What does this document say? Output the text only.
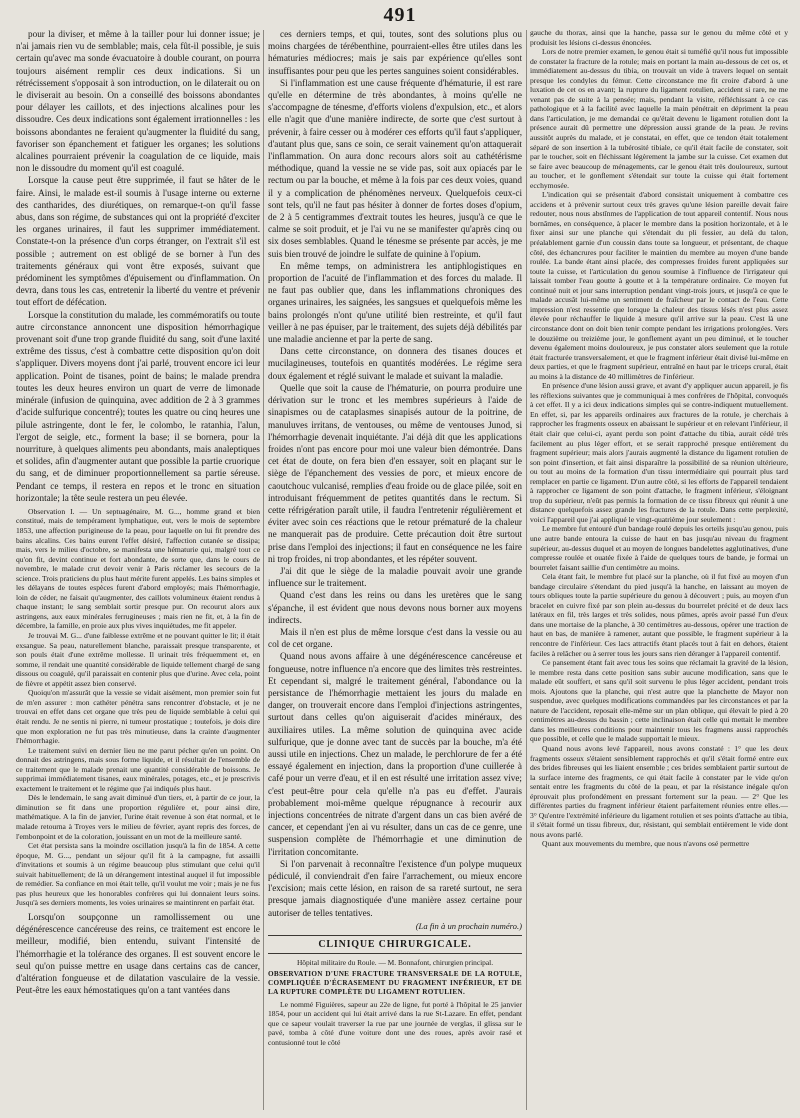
491

pour la diviser, et même à la tailler pour lui donner issue; je n'ai jamais rien vu de semblable; mais, cela fût-il possible, je suis certain qu'avec ma sonde évacuatoire à double courant, on pourra toujours aisément remplir ces deux indications. Si un rétrécissement s'opposait à son introduction, on le dilaterait ou on le diviserait au besoin. On a conseillé des boissons abondantes pour délayer les caillots, et des injections alcalines pour les dissoudre. Ces deux indications sont également irrationnelles : les boissons abondantes ne feraient qu'augmenter la fluidité du sang, favoriser son épanchement et fatiguer les organes; les solutions alcalines pourraient prévenir la coagulation de ce liquide, mais non le dissoudre du moment qu'il est coagulé.

Lorsque la cause peut être supprimée, il faut se hâter de le faire. Ainsi, le malade est-il soumis à l'usage interne ou externe des cantharides, des diurétiques, on remarque-t-on qu'il fasse abus, dans son régime, de substances qui ont la propriété d'exciter les organes urinaires, il faut les supprimer immédiatement. Constate-t-on la présence d'un corps étranger, on l'extrait s'il est possible ; autrement on est obligé de se borner à l'un des traitements généraux qui vont être exposés, suivant que prédominent les symptômes d'épuisement ou d'inflammation. On devra, dans tous les cas, entretenir la liberté du ventre et prévenir tout effort de défécation.

Lorsque la constitution du malade, les commémoratifs ou toute autre circonstance annoncent une disposition hémorrhagique provenant soit d'une trop grande fluidité du sang, soit d'une laxité extrême des tissus, c'est à combattre cette disposition qu'on doit s'appliquer. Divers moyens dont j'ai parlé, trouvent encore ici leur application. Point de tisanes, point de bains; le malade prendra toutes les deux heures environ un quart de verre de limonade minérale (infusion de quinquina, avec addition de 2 à 3 grammes d'acide sulfurique concentré); toutes les quatre ou cinq heures une pilule astringente, dont le fer, le colombo, le ratanhia, l'alun, l'ergot de seigle, etc., forment la base; il se bornera, pour la nourriture, à quelques aliments peu abondants, mais analeptiques et solides, afin d'augmenter autant que possible la partie cruorique du sang, et de diminuer proportionnellement sa partie séreuse. Pendant ce temps, il restera en repos et le tronc en situation horizontale; la tête seule restera un peu élevée.

Observation I. — Un septuagénaire, M. G..., homme grand et bien constitué, mais de tempérament lymphatique, eut, vers le mois de septembre 1853, une affection purigineuse de la peau, pour laquelle on lui fit prendre des bains alcalins. Ces bains eurent l'effet désiré, l'affection cutanée se dissipa; mais, vers le milieu d'octobre, se manifesta une hématurie qui, malgré tout ce qu'on fit, devint continue et fort abondante, de sorte que, dans le cours de novembre, le malade crut devoir venir à Paris réclamer les secours de la science. Trois praticiens du plus haut mérite furent appelés. Les bains simples et les délayans de toutes espèces furent d'abord employés; mais l'hémorrhagie, loin de céder, ne faisait qu'augmenter, des caillots volumineux étaient rendus à chaque instant; le sang semblait sortir presque pur. On recourut alors aux astringens, aux eaux minérales ferrugineuses ; mais rien ne fit, et, à la fin de décembre, la famille, en proie aux plus vives inquiétudes, me fit appeler.

Je trouvai M. G... d'une faiblesse extrême et ne pouvant quitter le lit; il était exsangue. Sa peau, naturellement blanche, paraissait presque transparente, et son pouls était d'une extrême mollesse. Il urinait très fréquemment et, en somme, il rendait une quantité considérable de liquide tellement chargé de sang dissous ou coagulé, qu'il paraissait en contenir plus que d'urine. Avec cela, point de fièvre et appétit assez bien conservé.

Quoiqu'on m'assurât que la vessie se vidait aisément, mon premier soin fut de m'en assurer : mon cathéter pénétra sans rencontrer d'obstacle, et je ne trouvai en effet dans cet organe que très peu de liquide semblable à celui qui était rendu. Je ne sentis ni pierre, ni tumeur prostatique ; toutefois, je dois dire que mon exploration ne fut pas très minutieuse, dans la crainte d'augmenter l'hémorrhagie.

Le traitement suivi en dernier lieu ne me parut pécher qu'en un point. On donnait des astringens, mais sous forme liquide, et il résultait de l'ensemble de ce traitement que le malade prenait une quantité considérable de boissons. Je supprimai immédiatement tisanes, eaux minérales, potages, etc., et je prescrivis exactement le traitement et le régime que j'ai indiqués plus haut.

Dès le lendemain, le sang avait diminué d'un tiers, et, à partir de ce jour, la diminution se fit dans une proportion régulière et, pour ainsi dire, mathématique. A la fin de janvier, l'urine était revenue à son état normal, et le malade retourna à Troyes vers le milieu de février, ayant repris des forces, de l'embonpoint et de la coloration, jouissant en un mot de la meilleure santé.

Cet état persista sans la moindre oscillation jusqu'à la fin de 1854. A cette époque, M. G..., pendant un séjour qu'il fit à la campagne, fut assailli d'invitations et soumis à un régime beaucoup plus stimulant que celui qu'il suivait habituellement; de là un dérangement intestinal auquel il fut impossible de remédier. Sa confiance en moi était telle, qu'il voulut me voir ; mais je ne fus pas plus heureux que les honorables confrères qui lui donnaient leurs soins. Jusqu'à ses derniers moments, les voies urinaires se maintinrent en parfait état.

Lorsqu'on soupçonne un ramollissement ou une dégénérescence cancéreuse des reins, ce traitement est encore le meilleur, modifié, bien entendu, suivant l'intensité de l'hémorrhagie et la tolérance des organes. Il est souvent encore le seul qu'on puisse mettre en usage dans certains cas de cancer, d'altération fongueuse et de dilatation vasculaire de la vessie. Peut-être les eaux hémostatiques qu'on a tant vantées dans

ces derniers temps, et qui, toutes, sont des solutions plus ou moins chargées de térébenthine, pourraient-elles être utiles dans les hématuries médiocres; mais je sais par expérience qu'elles sont insuffisantes pour peu que les pertes sanguines soient considérables.

Si l'inflammation est une cause fréquente d'hématurie, il est rare qu'elle en détermine de très abondantes, à moins qu'elle ne s'accompagne de ténesme, d'efforts violens d'expulsion, etc., et alors elle n'agit que d'une manière indirecte, de sorte que c'est surtout à prévenir, à faire cesser ou à modérer ces efforts qu'il faut s'appliquer, d'autant plus que, sans ce soin, ce serait vainement qu'on attaquerait l'inflammation. On aura donc recours alors soit au cathétérisme méthodique, quand la vessie ne se vide pas, soit aux opiacés par le rectum ou par la bouche, et même à la fois par ces deux voies, quand il y a complication de phénomènes nerveux. Quelquefois ceux-ci sont tels, qu'il ne faut pas hésiter à donner de fortes doses d'opium, de 2 à 5 centigrammes d'extrait toutes les heures, jusqu'à ce que le calme se soit produit, et je l'ai vu ne se manifester qu'après cinq ou six doses semblables. Quand le ténesme se présente par accès, je me suis bien trouvé de joindre le sulfate de quinine à l'opium.

En même temps, on administrera les antiphlogistiques en proportion de l'acuité de l'inflammation et des forces du malade. Il ne faut pas oublier que, dans les inflammations chroniques des organes urinaires, les saignées, les sangsues et quelquefois même les bains prolongés n'ont qu'une utilité bien restreinte, et qu'il faut veiller à ne pas épuiser, par le traitement, des sujets déjà débilités par une maladie ancienne et par la perte de sang.

Dans cette circonstance, on donnera des tisanes douces et mucilagineuses, toutefois en quantités modérées. Le régime sera doux également et réglé suivant le malade et suivant la maladie.

Quelle que soit la cause de l'hématurie, on pourra produire une dérivation sur le tronc et les membres supérieurs à l'aide de sinapismes ou de cataplasmes sinapisés autour de la poitrine, de manuluves irritans, de ventouses, ou même de ventouses Junod, si l'hémorrhagie devenait inquiétante. J'ai déjà dit que les applications froides n'ont pas encore pour moi une valeur bien démontrée. Dans cet état de doute, on fera bien d'en essayer, soit en plaçant sur le siège de l'épanchement des vessies de porc, et mieux encore de caoutchouc vulcanisé, remplies d'eau froide ou de glace pilée, soit en introduisant fréquemment de petites quantités dans le rectum. Si cette réfrigération paraît utile, il faudra l'entretenir régulièrement et éviter avec soin ces réactions que le retour prématuré de la chaleur ne manquerait pas de produire. Cette précaution doit être surtout prise dans l'emploi des injections; il faut en conséquence ne les faire ni trop froides, ni trop abondantes, et les répéter souvent.

J'ai dit que le siège de la maladie pouvait avoir une grande influence sur le traitement.

Quand c'est dans les reins ou dans les uretères que le sang s'épanche, il est évident que nous devons nous borner aux moyens indirects.

Mais il n'en est plus de même lorsque c'est dans la vessie ou au col de cet organe.

Quand nous avons affaire à une dégénérescence cancéreuse et fongueuse, notre influence n'a encore que des limites très restreintes. Et cependant si, malgré le traitement général, l'abondance ou la persistance de l'hémorrhagie mettaient les jours du malade en danger, on trouverait encore dans l'emploi d'injections astringentes, surtout dans celles qu'on aiguiserait d'acides minéraux, des auxiliaires utiles. La même solution de quinquina avec acide sulfurique, que je donne avec tant de succès par la bouche, m'a été aussi utile en injections. Chez un malade, le perchlorure de fer a été essayé également en injection, dans la proportion d'une cuillerée à café pour un verre d'eau, et il en est résulté une irritation assez vive; c'est peut-être pour cela qu'elle n'a pas eu d'effet. J'aurais probablement moi-même quelque répugnance à recourir aux injections concentrées de nitrate d'argent dans un cas bien avéré de cancer, et cependant j'en ai vu résulter, dans un cas de ce genre, une suspension complète de l'hémorrhagie et une diminution de l'irritation concomitante.

Si l'on parvenait à reconnaître l'existence d'un polype muqueux pédiculé, il conviendrait d'en faire l'arrachement, ou mieux encore l'excision; mais cette lésion, en raison de sa rareté surtout, ne sera presque jamais diagnostiquée d'une manière assez certaine pour autoriser de telles tentatives.

(La fin à un prochain numéro.)
CLINIQUE CHIRURGICALE.
Hôpital militaire du Roule. — M. Bonnafont, chirurgien principal.
OBSERVATION D'UNE FRACTURE TRANSVERSALE DE LA ROTULE, COMPLIQUÉE D'ÉCRASEMENT DU FRAGMENT INFÉRIEUR, ET DE LA RUPTURE COMPLÈTE DU LIGAMENT ROTULIEN.

Le nommé Figuières, sapeur au 22e de ligne, fut porté à l'hôpital le 25 janvier 1854, pour un accident qui lui était arrivé dans la rue St-Lazare. En effet, pendant que ce sapeur voulait traverser la rue par une journée de verglas, il glissa sur le pavé, tomba à côté d'une voiture dont une des roues, après avoir rasé et contusionné tout le côté

gauche du thorax, ainsi que la hanche, passa sur le genou du même côté et y produisit les lésions ci-dessus énoncées.

Lors de notre premier examen, le genou était si tuméfié qu'il nous fut impossible de constater la fracture de la rotule; mais en portant la main au-dessous de cet os, et immédiatement au-dessus du tibia, on trouvait un vide à travers lequel on sentait presque les condyles du fémur. Cette circonstance me fit croire d'abord à une luxation de cet os en avant; la rupture du ligament rotulien, accident si rare, ne me venant pas de suite à la pensée; mais, pendant la visite, réfléchissant à ce cas pathologique et à la facilité avec laquelle la main pénétrait en dépriment la peau dans l'articulation, je me demandai ce qu'était devenu le ligament rotulien dont la présence aurait dû permettre une dépression aussi grande de la peau. Je revins aussitôt auprès du malade, et je constatai, en effet, que ce tendon était totalement séparé de son insertion à la tubérosité tibiale, ce qu'il était facile de constater, soit par le toucher, soit en fléchissant légèrement la jambe sur la cuisse. Cet examen dut se faire avec beaucoup de ménagements, car le genou était très douloureux, surtout au toucher, et le gonflement s'étendait sur toute la cuisse qui était fortement ecchymosée.

L'indication qui se présentait d'abord consistait uniquement à combattre ces accidens et à prévenir surtout ceux très graves qu'une lésion pareille devait faire redouter, nous nous abstînmes de l'application de tout appareil contentif. Nous nous bornâmes, en conséquence, à placer le membre dans la position horizontale, et à le fixer ainsi sur une planche qui s'étendait du pli fessier, au delà du talon, préalablement garnie d'un coussin dans toute sa longueur, et présentant, de chaque côté, des échancrures pour faciliter le maintien du membre au moyen d'une bande roulée. La bande étant ainsi placée, des compresses froides furent appliquées sur toute la cuisse, et l'articulation du genou soumise à l'influence de l'irrigateur qui laissait tomber l'eau goutte à goutte et à la température ordinaire. Ce moyen fut continué nuit et jour sans interruption pendant vingt-trois jours, et jusqu'à ce que le malade accusât lui-même un sentiment de fraîcheur par le contact de l'eau. Cette impression n'est ressentie que lorsque la chaleur des tissus lésés n'est plus assez élevée pour réchauffer le liquide à mesure qu'il arrive sur la peau. C'est là une circonstance dont on doit bien tenir compte pendant les irrigations prolongées. Vers le douzième ou treizième jour, le gonflement ayant un peu diminué, et le toucher devenu également moins douloureux, je pus constater alors seulement que la rotule était fracturée transversalement, et que le fragment inférieur était divisé lui-même en deux parties, et que le fragment supérieur, entraîné en haut par le triceps crural, était au moins à la distance de 40 millimètres de l'inférieur.

En présence d'une lésion aussi grave, et avant d'y appliquer aucun appareil, je fis les réflexions suivantes que je communiquai à mes confrères de l'hôpital, convoqués à cet effet. Il y a ici deux indications simples qui se contre-indiquent mutuellement. En effet, si, par les appareils ordinaires aux fractures de la rotule, je cherchais à rapprocher les fragments osseux en abaissant le supérieur et en relevant l'inférieur, il était clair que celui-ci, ayant perdu son point d'attache du tibia, aurait cédé très facilement au plus léger effort, et se serait rapproché presque entièrement du fragment supérieur; mais alors j'aurais augmenté la distance du ligament rotulien de son point d'insertion, et fait ainsi disparaître la possibilité de sa réunion ultérieure, ou tout au moins de la formation d'un tissu intermédiaire qui pourrait plus tard remplacer en partie ce ligament. D'un autre côté, si les efforts de l'appareil tendaient à rapprocher ce ligament de son point d'attache, le fragment inférieur, s'éloignant trop du supérieur, n'eût pas permis la formation de ce tissu fibreux qui réunit à une distance quelquefois assez grande les fractures de la rotule. Dans cette perplexité, voici l'appareil que j'ai appliqué le vingt-quatrième jour seulement :

Le membre fut entouré d'un bandage roulé depuis les orteils jusqu'au genou, puis une autre bande entoura la cuisse de haut en bas jusqu'au niveau du fragment supérieur, au-dessus duquel et au moyen de longues bandelettes agglutinatives, d'une compresse roulée et ouatée fixée à l'aide de quelques tours de bande, je formai un bourrelet faisant saillie d'un centimètre au moins.

Cela étant fait, le membre fut placé sur la planche, où il fut fixé au moyen d'un bandage circulaire s'étendant du pied jusqu'à la hanche, en laissant au moyen de tours obliques toute la partie supérieure du genou à découvert ; puis, au moyen d'un bracelet en cuivre fixé par son plein au-dessus du bourrelet précité et de deux lacs latéraux en fil, très larges et très solides, nous pûmes, après avoir passé l'un d'eux dans une mortaise de la planche, à 30 centimètres au-dessous, opérer une traction de haut en bas, de manière à ramener, autant que possible, le fragment supérieur à la rencontre de l'inférieur. Ces lacs attractifs étant placés tout à fait en dehors, étaient faciles à relâcher ou à serrer tous les jours sans rien déranger à l'appareil contentif.

Ce pansement étant fait avec tous les soins que réclamait la gravité de la lésion, le membre resta dans cette position sans subir aucune modification, sans que le malade eût souffert, et sans qu'il soit survenu le plus léger accident, pendant trois mois. Ajoutons que la planche, qui n'est autre que la planchette de Mayor non suspendue, avec quelques modifications commandées par les circonstances et par la nature de l'accident, reposait elle-même sur un plan oblique, qui élevait le pied à 20 centimètres au-dessus du bassin ; cette inclinaison était celle qui mettait le membre dans les meilleures conditions pour maintenir tous les fragmens aussi rapprochés que possible, et celle que le malade supportait le mieux.

Quand nous avons levé l'appareil, nous avons constaté : 1° que les deux fragments osseux s'étaient sensiblement rapprochés et qu'il s'était formé entre eux des brides fibreuses qui les liaient ensemble ; ces brides semblaient partir surtout de la surface interne des fragments, ce qui était facile à constater par le vide qu'on sentait entre les fragments du côté de la peau, et par la résistance inégale qu'on éprouvait plus profondément en pressant fortement sur la peau. — 2° Que les différentes parties du fragment inférieur étaient parfaitement réunies entre elles.— 3° Qu'entre l'extrémité inférieure du ligament rotulien et ses points d'attache au tibia, il s'était formé un tissu fibreux, dur, résistant, qui semblait entièrement le vide dont nous avons parlé.

Quant aux mouvements du membre, que nous n'avons osé permettre
